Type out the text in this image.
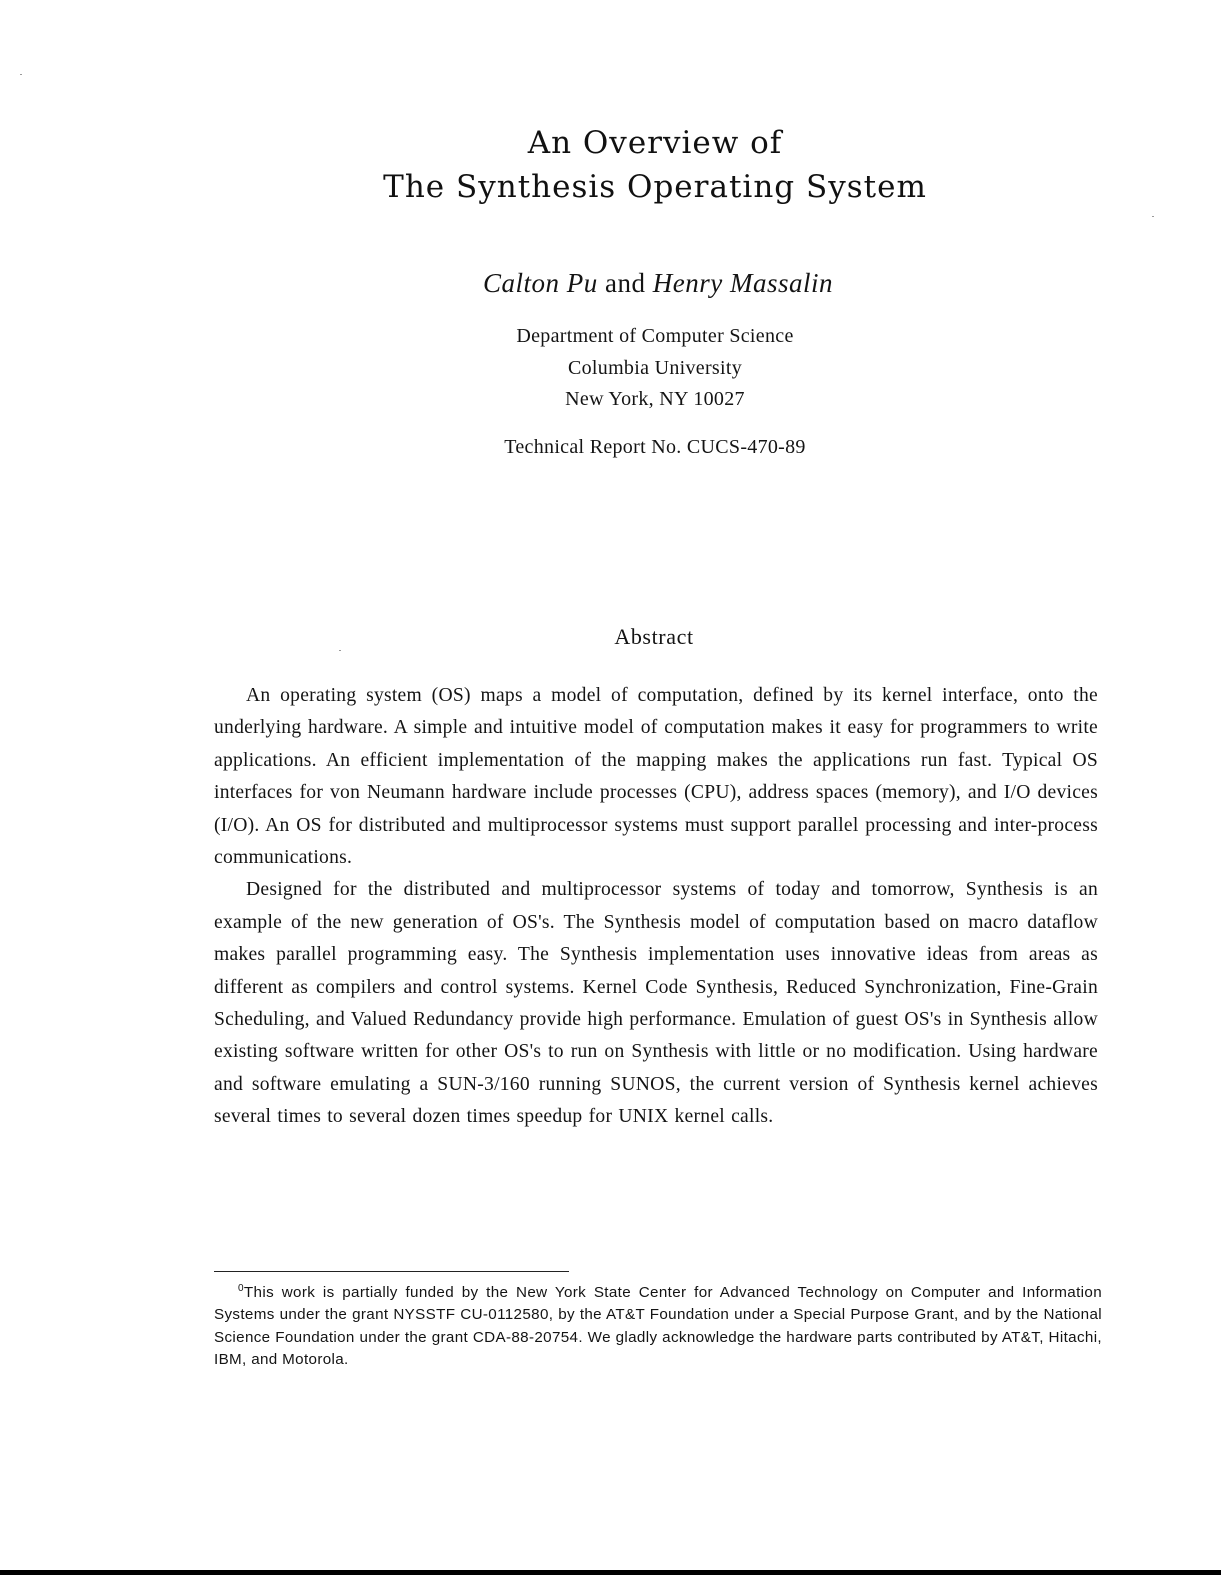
An Overview of
The Synthesis Operating System
Calton Pu and Henry Massalin
Department of Computer Science
Columbia University
New York, NY 10027
Technical Report No. CUCS-470-89
Abstract

An operating system (OS) maps a model of computation, defined by its kernel interface, onto the underlying hardware. A simple and intuitive model of computation makes it easy for programmers to write applications. An efficient implementation of the mapping makes the applications run fast. Typical OS interfaces for von Neumann hardware include processes (CPU), address spaces (memory), and I/O devices (I/O). An OS for distributed and multiprocessor systems must support parallel processing and inter-process communications.

Designed for the distributed and multiprocessor systems of today and tomorrow, Synthesis is an example of the new generation of OS's. The Synthesis model of computation based on macro dataflow makes parallel programming easy. The Synthesis implementation uses innovative ideas from areas as different as compilers and control systems. Kernel Code Synthesis, Reduced Synchronization, Fine-Grain Scheduling, and Valued Redundancy provide high performance. Emulation of guest OS's in Synthesis allow existing software written for other OS's to run on Synthesis with little or no modification. Using hardware and software emulating a SUN-3/160 running SUNOS, the current version of Synthesis kernel achieves several times to several dozen times speedup for UNIX kernel calls.

$^0$This work is partially funded by the New York State Center for Advanced Technology on Computer and Information Systems under the grant NYSSTF CU-0112580, by the AT&T Foundation under a Special Purpose Grant, and by the National Science Foundation under the grant CDA-88-20754. We gladly acknowledge the hardware parts contributed by AT&T, Hitachi, IBM, and Motorola.
